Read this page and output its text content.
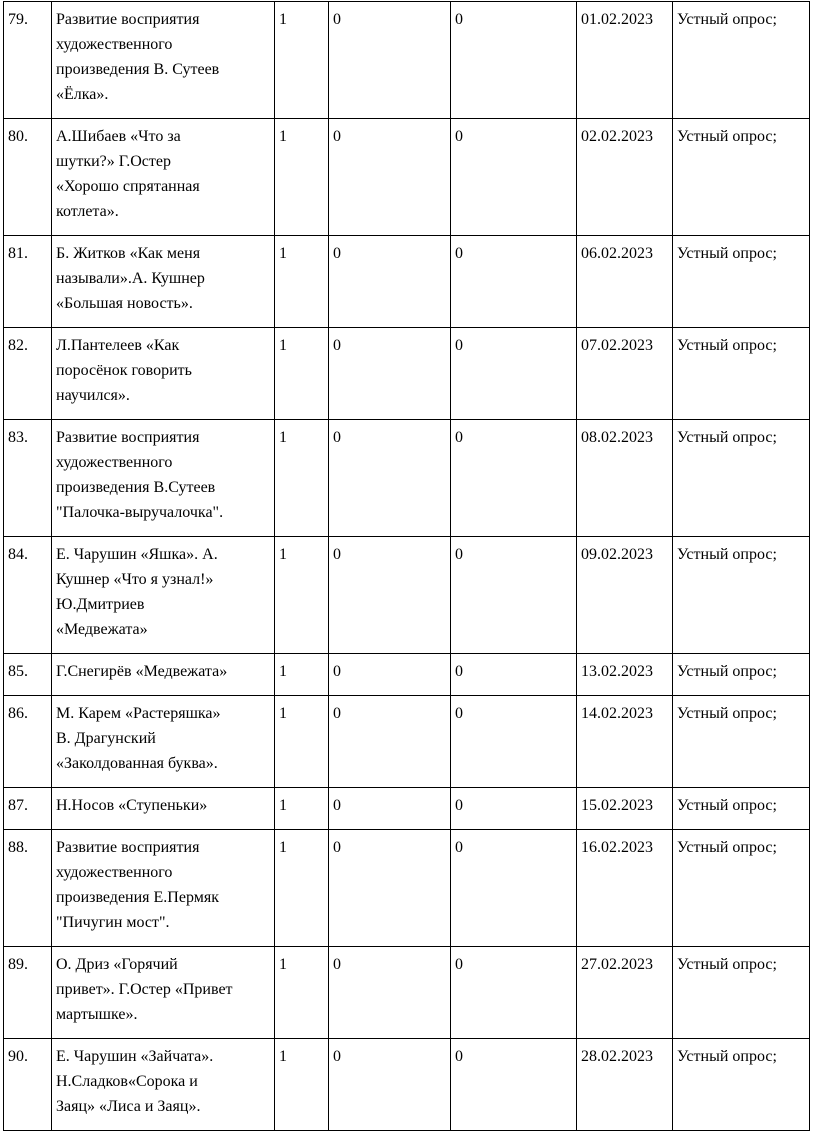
79.	Развитие восприятия
художественного
произведения В. Сутеев
«Ёлка».	1	0	0	01.02.2023	Устный опрос;
80.	А.Шибаев «Что за
шутки?» Г.Остер
«Хорошо спрятанная
котлета».	1	0	0	02.02.2023	Устный опрос;
81.	Б. Житков «Как меня
называли».А. Кушнер
«Большая новость».	1	0	0	06.02.2023	Устный опрос;
82.	Л.Пантелеев «Как
поросёнок говорить
научился».	1	0	0	07.02.2023	Устный опрос;
83.	Развитие восприятия
художественного
произведения В.Сутеев
"Палочка-выручалочка".	1	0	0	08.02.2023	Устный опрос;
84.	Е. Чарушин «Яшка». А.
Кушнер «Что я узнал!»
Ю.Дмитриев
«Медвежата»	1	0	0	09.02.2023	Устный опрос;
85.	Г.Снегирёв «Медвежата»	1	0	0	13.02.2023	Устный опрос;
86.	М. Карем «Растеряшка»
В. Драгунский
«Заколдованная буква».	1	0	0	14.02.2023	Устный опрос;
87.	Н.Носов «Ступеньки»	1	0	0	15.02.2023	Устный опрос;
88.	Развитие восприятия
художественного
произведения Е.Пермяк
"Пичугин мост".	1	0	0	16.02.2023	Устный опрос;
89.	О. Дриз «Горячий
привет». Г.Остер «Привет
мартышке».	1	0	0	27.02.2023	Устный опрос;
90.	Е. Чарушин «Зайчата».
Н.Сладков«Сорока и
Заяц» «Лиса и Заяц».	1	0	0	28.02.2023	Устный опрос;
